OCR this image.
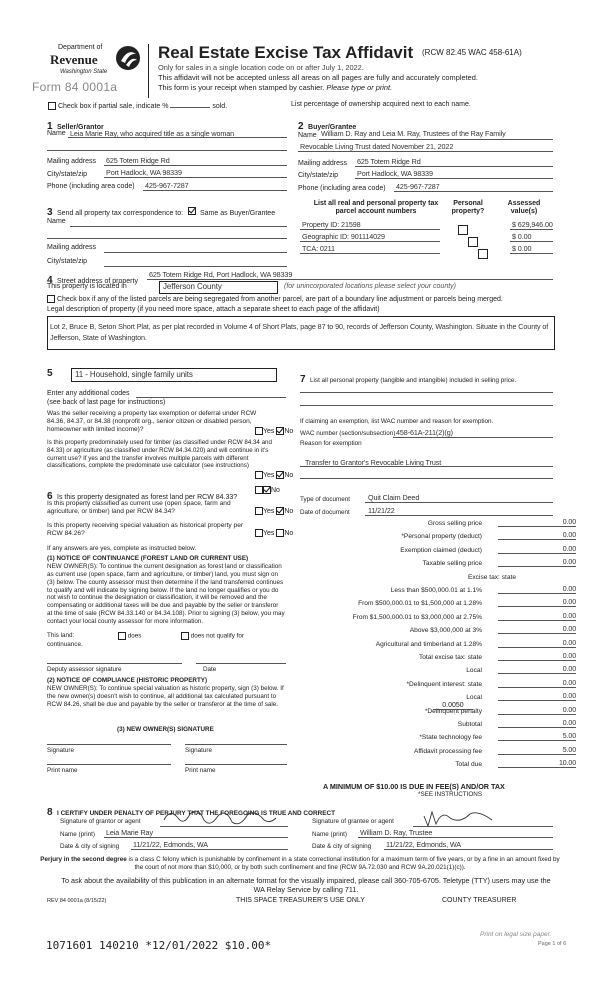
Department of
Revenue
Washington State
Form 84 0001a
Real Estate Excise Tax Affidavit (RCW 82.45 WAC 458-61A)
Only for sales in a single location code on or after July 1, 2022.
This affidavit will not be accepted unless all areas on all pages are fully and accurately completed.
This form is your receipt when stamped by cashier. Please type or print.
Check box if partial sale, indicate %	sold.	List percentage of ownership acquired next to each name.
1 Seller/Grantor
Name Leia Marie Ray, who acquired title as a single woman
Mailing address 625 Totem Ridge Rd
City/state/zip	Port Hadlock, WA 98339
Phone (including area code) 425-967-7287
2 Buyer/Grantee
Name William D. Ray and Leia M. Ray, Trustees of the Ray Family
Revocable Living Trust dated November 21, 2022
Mailing address 625 Totem Ridge Rd
City/state/zip	Port Hadlock, WA 98339
Phone (including area code) 425-967-7287
3 Send all property tax correspondence to: Same as Buyer/Grantee
Name
Mailing address
City/state/zip
List all real and personal property tax parcel account numbers
Personal property?
Assessed value(s)
Property ID: 21598	$ 629,946.00
Geographic ID: 901114029	$ 0.00
TCA: 0211	$ 0.00
4 Street address of property
625 Totem Ridge Rd, Port Hadlock, WA 98339
This property is located in	Jefferson County	(for unincorporated locations please select your county)
Check box if any of the listed parcels are being segregated from another parcel, are part of a boundary line adjustment or parcels being merged.
Legal description of property (if you need more space, attach a separate sheet to each page of the affidavit)
Lot 2, Bruce B, Seton Short Plat, as per plat recorded in Volume 4 of Short Plats, page 87 to 90, records of Jefferson County, Washington. Situate in the County of Jefferson, State of Washington.
5	11 - Household, single family units
Enter any additional codes
(see back of last page for instructions)
Was the seller receiving a property tax exemption or deferral under RCW 84.36, 84.37, or 84.38 (nonprofit org., senior citizen or disabled person, homeowner with limited income)?	Yes No
Is this property predominately used for timber (as classified under RCW 84.34 and 84.33) or agriculture (as classified under RCW 84.34.020) and will continue in it's current use? If yes and the transfer involves multiple parcels with different classifications, complete the predominate use calculator (see instructions)
Yes No
6 Is this property designated as forest land per RCW 84.33?
No
Is this property classified as current use (open space, farm and agriculture, or timber) land per RCW 84.34?	Yes No
Is this property receiving special valuation as historical property per RCW 84.26?	Yes No
If any answers are yes, complete as instructed below.
(1) NOTICE OF CONTINUANCE (FOREST LAND OR CURRENT USE)
NEW OWNER(S): To continue the current designation as forest land or classification as current use (open space, farm and agriculture, or timber) land, you must sign on (3) below. The county assessor must then determine if the land transferred continues to qualify and will indicate by signing below. If the land no longer qualifies or you do not wish to continue the designation or classification, it will be removed and the compensating or additional taxes will be due and payable by the seller or transferor at the time of sale (RCW 84.33.140 or 84.34.108). Prior to signing (3) below, you may contact your local county assessor for more information.
This land:	does	does not qualify for
continuance.
Deputy assessor signature	Date
(2) NOTICE OF COMPLIANCE (HISTORIC PROPERTY)
NEW OWNER(S): To continue special valuation as historic property, sign (3) below. If the new owner(s) doesn't wish to continue, all additional tax calculated pursuant to RCW 84.26, shall be due and payable by the seller or transferor at the time of sale.
(3) NEW OWNER(S) SIGNATURE
Signature	Signature
Print name	Print name
7 List all personal property (tangible and intangible) included in selling price.
If claiming an exemption, list WAC number and reason for exemption.
WAC number (section/subsection) 458-61A-211(2)(g)
Reason for exemption
Transfer to Grantor's Revocable Living Trust
Type of document Quit Claim Deed
Date of document	11/21/22
Gross selling price	0.00
*Personal property (deduct)	0.00
Exemption claimed (deduct)	0.00
Taxable selling price	0.00
Excise tax: state
Less than $500,000.01 at 1.1%	0.00
From $500,000.01 to $1,500,000 at 1.28%	0.00
From $1,500,000.01 to $3,000,000 at 2.75%	0.00
Above $3,000,000 at 3%	0.00
Agricultural and timberland at 1.28%	0.00
Total excise tax: state	0.00
Local	0.00
*Delinquent interest: state	0.00
Local	0.00
*Delinquent penalty	0.00
Subtotal	0.00
*State technology fee	5.00
Affidavit processing fee	5.00
Total due	10.00
0.0050
A MINIMUM OF $10.00 IS DUE IN FEE(S) AND/OR TAX
*SEE INSTRUCTIONS
8 I CERTIFY UNDER PENALTY OF PERJURY THAT THE FOREGOING IS TRUE AND CORRECT
Signature of grantor or agent
Name (print) Leia Marie Ray
Date & city of signing 11/21/22, Edmonds, WA
Signature of grantee or agent
Name (print) William D. Ray, Trustee
Date & city of signing 11/21/22, Edmonds, WA
Perjury in the second degree is a class C felony which is punishable by confinement in a state correctional institution for a maximum term of five years, or by a fine in an amount fixed by the court of not more than $10,000, or by both such confinement and fine (RCW 9A.72.030 and RCW 9A.20.021(1)(c)).
To ask about the availability of this publication in an alternate format for the visually impaired, please call 360-705-6705. Teletype (TTY) users may use the WA Relay Service by calling 711.
REV 84 0001a (8/15/22)	THIS SPACE TREASURER'S USE ONLY	COUNTY TREASURER
1071601 140210 *12/01/2022 $10.00*
Print on legal size paper.
Page 1 of 6
